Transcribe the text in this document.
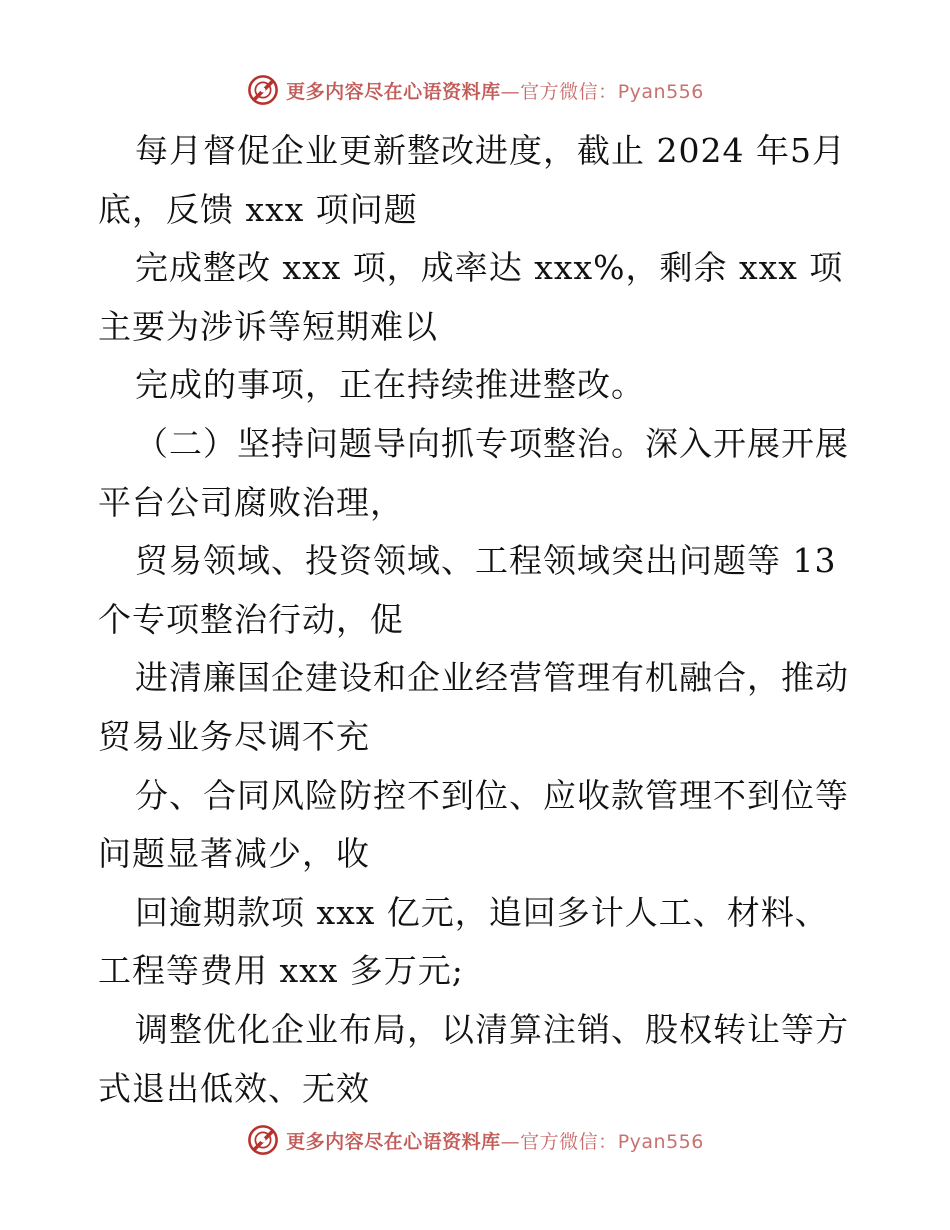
更多内容尽在心语资料库—官方微信：Pyan556
每月督促企业更新整改进度，截止 2024 年5月
底，反馈 xxx 项问题
完成整改 xxx 项，成率达 xxx%，剩余 xxx 项
主要为涉诉等短期难以
完成的事项，正在持续推进整改。
（二）坚持问题导向抓专项整治。深入开展开展
平台公司腐败治理，
贸易领域、投资领域、工程领域突出问题等 13
个专项整治行动，促
进清廉国企建设和企业经营管理有机融合，推动
贸易业务尽调不充
分、合同风险防控不到位、应收款管理不到位等
问题显著减少，收
回逾期款项 xxx 亿元，追回多计人工、材料、
工程等费用 xxx 多万元;
调整优化企业布局，以清算注销、股权转让等方
式退出低效、无效
更多内容尽在心语资料库—官方微信：Pyan556
